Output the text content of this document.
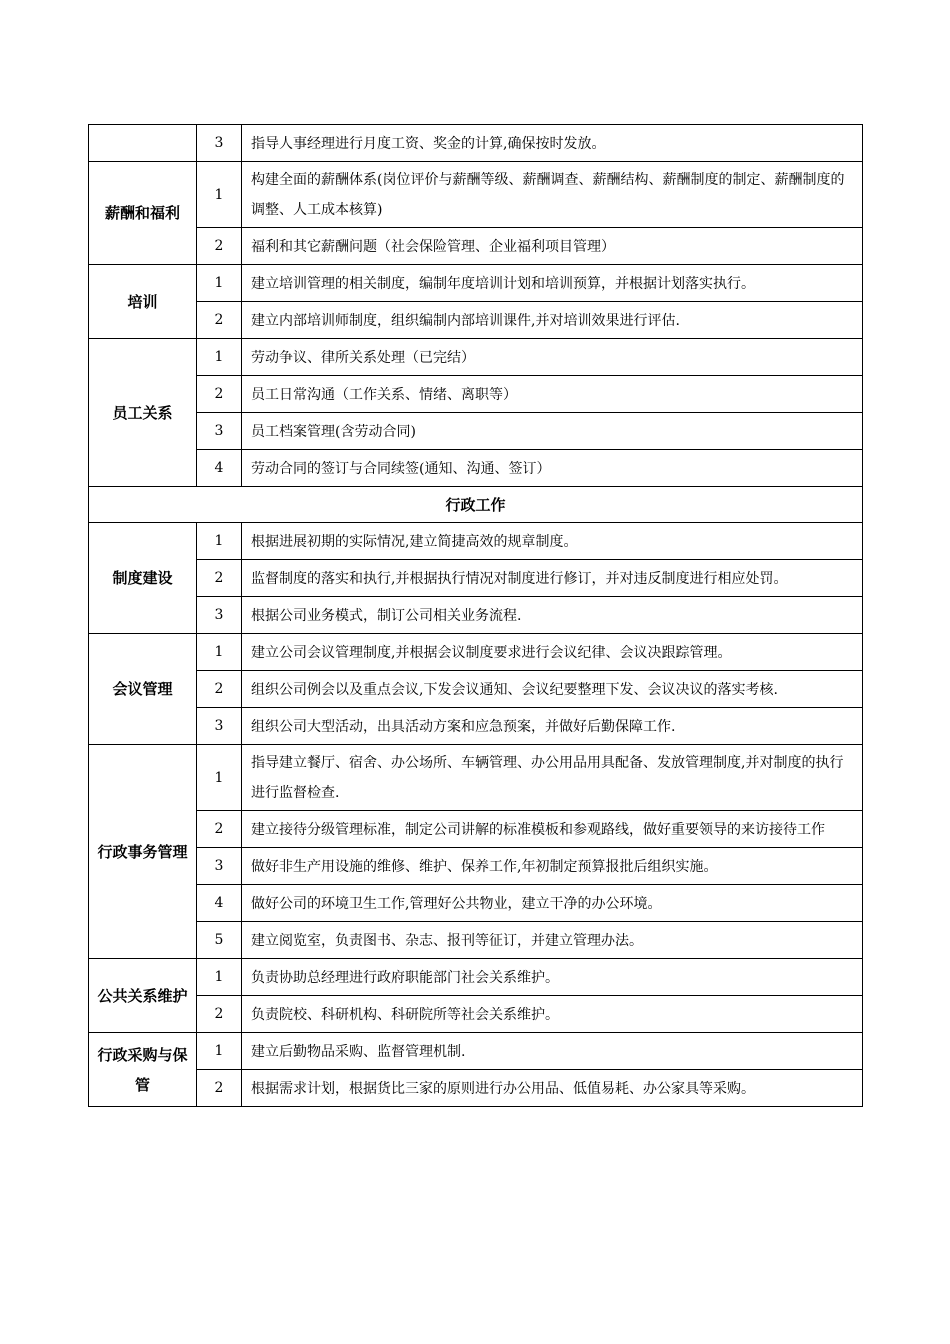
	3	指导人事经理进行月度工资、奖金的计算,确保按时发放。
薪酬和福利	1	构建全面的薪酬体系(岗位评价与薪酬等级、薪酬调查、薪酬结构、薪酬制度的制定、薪酬制度的调整、人工成本核算)
	2	福利和其它薪酬问题（社会保险管理、企业福利项目管理）
培训	1	建立培训管理的相关制度，编制年度培训计划和培训预算，并根据计划落实执行。
	2	建立内部培训师制度，组织编制内部培训课件,并对培训效果进行评估.
员工关系	1	劳动争议、律所关系处理（已完结）
	2	员工日常沟通（工作关系、情绪、离职等）
	3	员工档案管理(含劳动合同)
	4	劳动合同的签订与合同续签(通知、沟通、签订）
行政工作		
制度建设	1	根据进展初期的实际情况,建立简捷高效的规章制度。
	2	监督制度的落实和执行,并根据执行情况对制度进行修订，并对违反制度进行相应处罚。
	3	根据公司业务模式，制订公司相关业务流程.
会议管理	1	建立公司会议管理制度,并根据会议制度要求进行会议纪律、会议决跟踪管理。
	2	组织公司例会以及重点会议,下发会议通知、会议纪要整理下发、会议决议的落实考核.
	3	组织公司大型活动，出具活动方案和应急预案，并做好后勤保障工作.
行政事务管理	1	指导建立餐厅、宿舍、办公场所、车辆管理、办公用品用具配备、发放管理制度,并对制度的执行进行监督检查.
	2	建立接待分级管理标准，制定公司讲解的标准模板和参观路线，做好重要领导的来访接待工作
	3	做好非生产用设施的维修、维护、保养工作,年初制定预算报批后组织实施。
	4	做好公司的环境卫生工作,管理好公共物业，建立干净的办公环境。
	5	建立阅览室，负责图书、杂志、报刊等征订，并建立管理办法。
公共关系维护	1	负责协助总经理进行政府职能部门社会关系维护。
	2	负责院校、科研机构、科研院所等社会关系维护。
行政采购与保管	1	建立后勤物品采购、监督管理机制.
	2	根据需求计划，根据货比三家的原则进行办公用品、低值易耗、办公家具等采购。
